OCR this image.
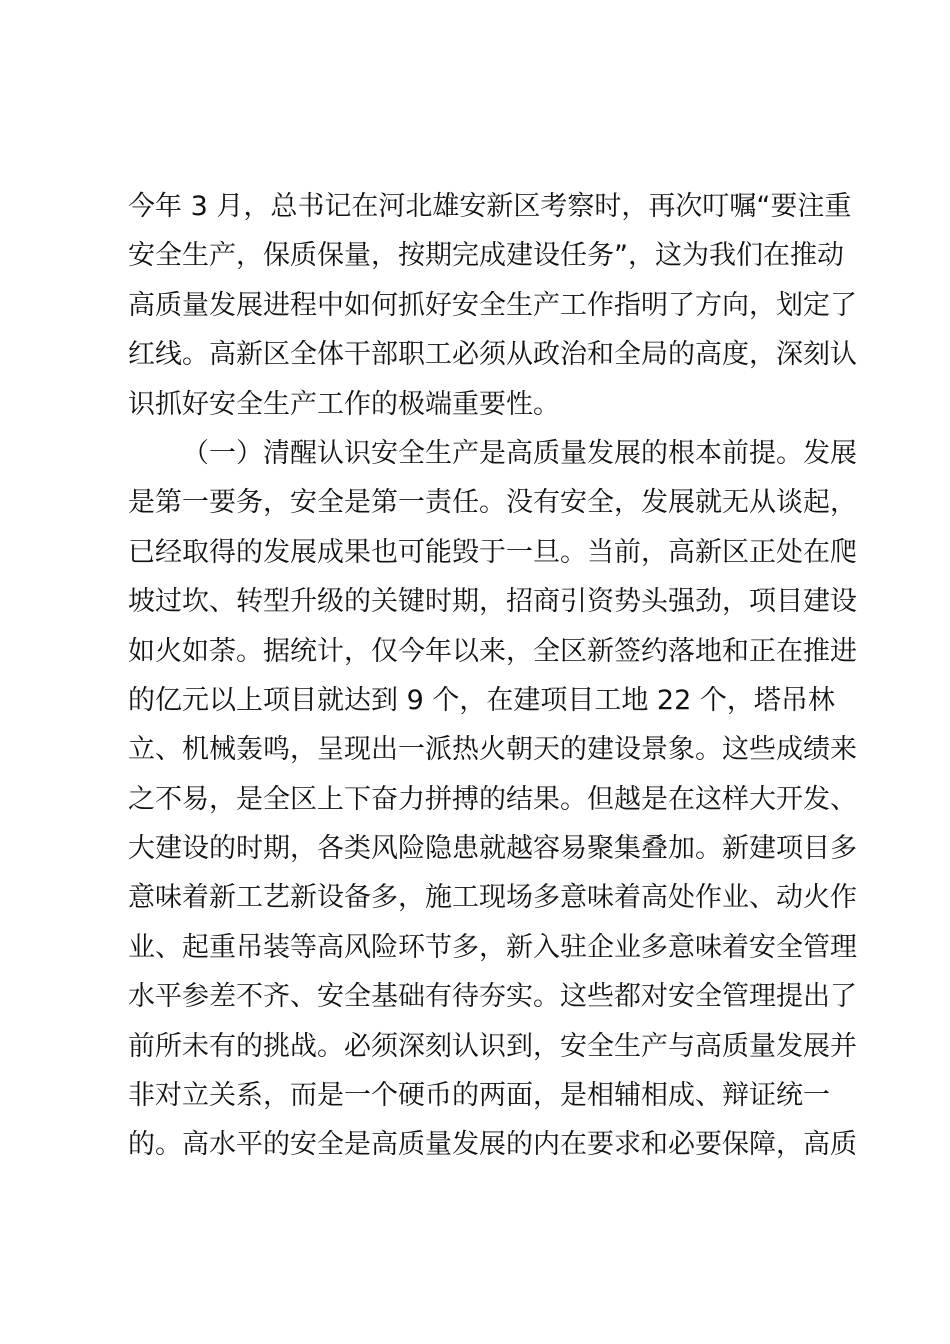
今年 3 月，总书记在河北雄安新区考察时，再次叮嘱“要注重
安全生产，保质保量，按期完成建设任务”，这为我们在推动
高质量发展进程中如何抓好安全生产工作指明了方向，划定了
红线。高新区全体干部职工必须从政治和全局的高度，深刻认
识抓好安全生产工作的极端重要性。
（一）清醒认识安全生产是高质量发展的根本前提。发展
是第一要务，安全是第一责任。没有安全，发展就无从谈起，
已经取得的发展成果也可能毁于一旦。当前，高新区正处在爬
坡过坎、转型升级的关键时期，招商引资势头强劲，项目建设
如火如荼。据统计，仅今年以来，全区新签约落地和正在推进
的亿元以上项目就达到 9 个，在建项目工地 22 个，塔吊林
立、机械轰鸣，呈现出一派热火朝天的建设景象。这些成绩来
之不易，是全区上下奋力拼搏的结果。但越是在这样大开发、
大建设的时期，各类风险隐患就越容易聚集叠加。新建项目多
意味着新工艺新设备多，施工现场多意味着高处作业、动火作
业、起重吊装等高风险环节多，新入驻企业多意味着安全管理
水平参差不齐、安全基础有待夯实。这些都对安全管理提出了
前所未有的挑战。必须深刻认识到，安全生产与高质量发展并
非对立关系，而是一个硬币的两面，是相辅相成、辩证统一
的。高水平的安全是高质量发展的内在要求和必要保障，高质
